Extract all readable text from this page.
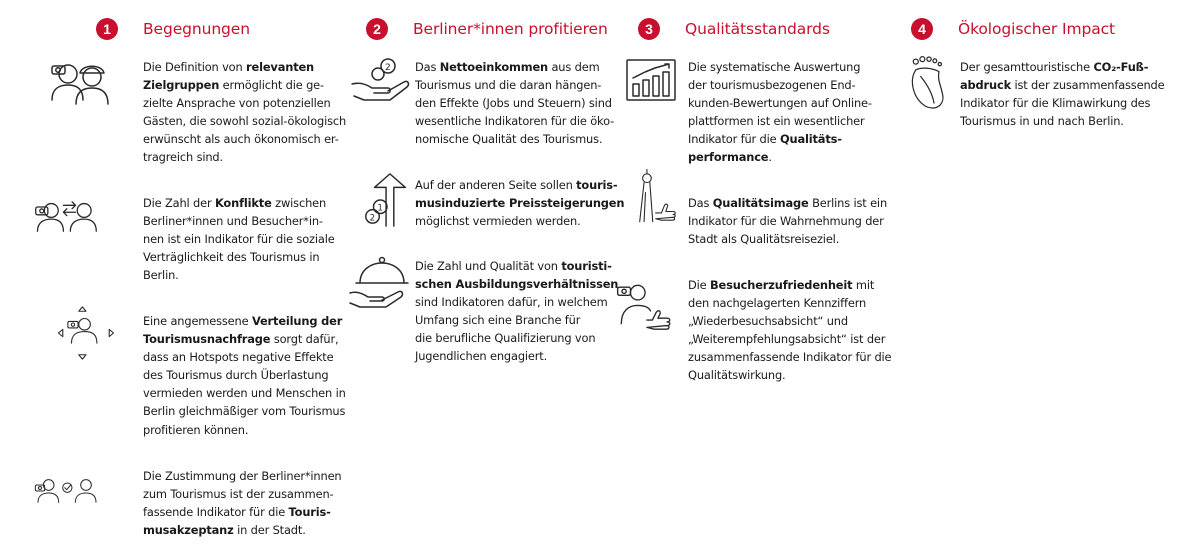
1	Begegnungen	2	Berliner*innen profitieren	3	Qualitätsstandards	4	Ökologischer Impact
Die Definition von relevanten
Zielgruppen ermöglicht die ge-
zielte Ansprache von potenziellen
Gästen, die sowohl sozial-ökologisch
erwünscht als auch ökonomisch er-
tragreich sind.
Die Zahl der Konflikte zwischen
Berliner*innen und Besucher*in-
nen ist ein Indikator für die soziale
Verträglichkeit des Tourismus in
Berlin.
Eine angemessene Verteilung der
Tourismusnachfrage sorgt dafür,
dass an Hotspots negative Effekte
des Tourismus durch Überlastung
vermieden werden und Menschen in
Berlin gleichmäßiger vom Tourismus
profitieren können.
Die Zustimmung der Berliner*innen
zum Tourismus ist der zusammen-
fassende Indikator für die Touris-
musakzeptanz in der Stadt.
2 Das Nettoeinkommen aus dem
Tourismus und die daran hängen-
den Effekte (Jobs und Steuern) sind
wesentliche Indikatoren für die öko-
nomische Qualität des Tourismus.
1
2
Auf der anderen Seite sollen touris-
musinduzierte Preissteigerungen
möglichst vermieden werden.
Die Zahl und Qualität von touristi-
schen Ausbildungsverhältnissen
sind Indikatoren dafür, in welchem
Umfang sich eine Branche für
die berufliche Qualifizierung von
Jugendlichen engagiert.
Die systematische Auswertung
der tourismusbezogenen End-
kunden-Bewertungen auf Online-
plattformen ist ein wesentlicher
Indikator für die Qualitäts-
performance.
Das Qualitätsimage Berlins ist ein
Indikator für die Wahrnehmung der
Stadt als Qualitätsreiseziel.
Die Besucherzufriedenheit mit
den nachgelagerten Kennziffern
„Wiederbesuchsabsicht“ und
„Weiterempfehlungsabsicht“ ist der
zusammenfassende Indikator für die
Qualitätswirkung.
Der gesamttouristische CO₂-Fuß-
abdruck ist der zusammenfassende
Indikator für die Klimawirkung des
Tourismus in und nach Berlin.
